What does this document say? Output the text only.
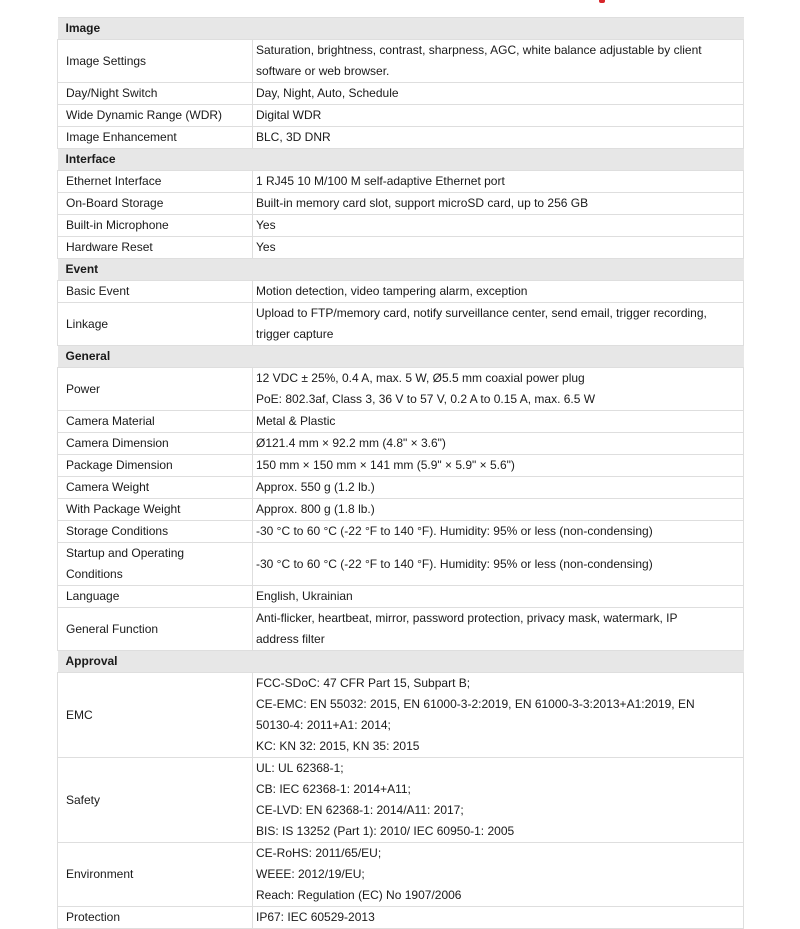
Image	

Image Settings	Saturation, brightness, contrast, sharpness, AGC, white balance adjustable by client
software or web browser.

Day/Night Switch	Day, Night, Auto, Schedule

Wide Dynamic Range (WDR)	Digital WDR

Image Enhancement	BLC, 3D DNR

Interface	

Ethernet Interface	1 RJ45 10 M/100 M self-adaptive Ethernet port

On-Board Storage	Built-in memory card slot, support microSD card, up to 256 GB

Built-in Microphone	Yes

Hardware Reset	Yes

Event	

Basic Event	Motion detection, video tampering alarm, exception

Linkage	Upload to FTP/memory card, notify surveillance center, send email, trigger recording,
trigger capture

General	

Power	12 VDC ± 25%, 0.4 A, max. 5 W, Ø5.5 mm coaxial power plug
PoE: 802.3af, Class 3, 36 V to 57 V, 0.2 A to 0.15 A, max. 6.5 W

Camera Material	Metal & Plastic

Camera Dimension	Ø121.4 mm × 92.2 mm (4.8" × 3.6")

Package Dimension	150 mm × 150 mm × 141 mm (5.9" × 5.9" × 5.6")

Camera Weight	Approx. 550 g (1.2 lb.)

With Package Weight	Approx. 800 g (1.8 lb.)

Storage Conditions	-30 °C to 60 °C (-22 °F to 140 °F). Humidity: 95% or less (non-condensing)

Startup and Operating
Conditions	-30 °C to 60 °C (-22 °F to 140 °F). Humidity: 95% or less (non-condensing)

Language	English, Ukrainian

General Function	Anti-flicker, heartbeat, mirror, password protection, privacy mask, watermark, IP
address filter

Approval	

EMC	FCC-SDoC: 47 CFR Part 15, Subpart B;
CE-EMC: EN 55032: 2015, EN 61000-3-2:2019, EN 61000-3-3:2013+A1:2019, EN
50130-4: 2011+A1: 2014;
KC: KN 32: 2015, KN 35: 2015

Safety	UL: UL 62368-1;
CB: IEC 62368-1: 2014+A11;
CE-LVD: EN 62368-1: 2014/A11: 2017;
BIS: IS 13252 (Part 1): 2010/ IEC 60950-1: 2005

Environment	CE-RoHS: 2011/65/EU;
WEEE: 2012/19/EU;
Reach: Regulation (EC) No 1907/2006

Protection	IP67: IEC 60529-2013
